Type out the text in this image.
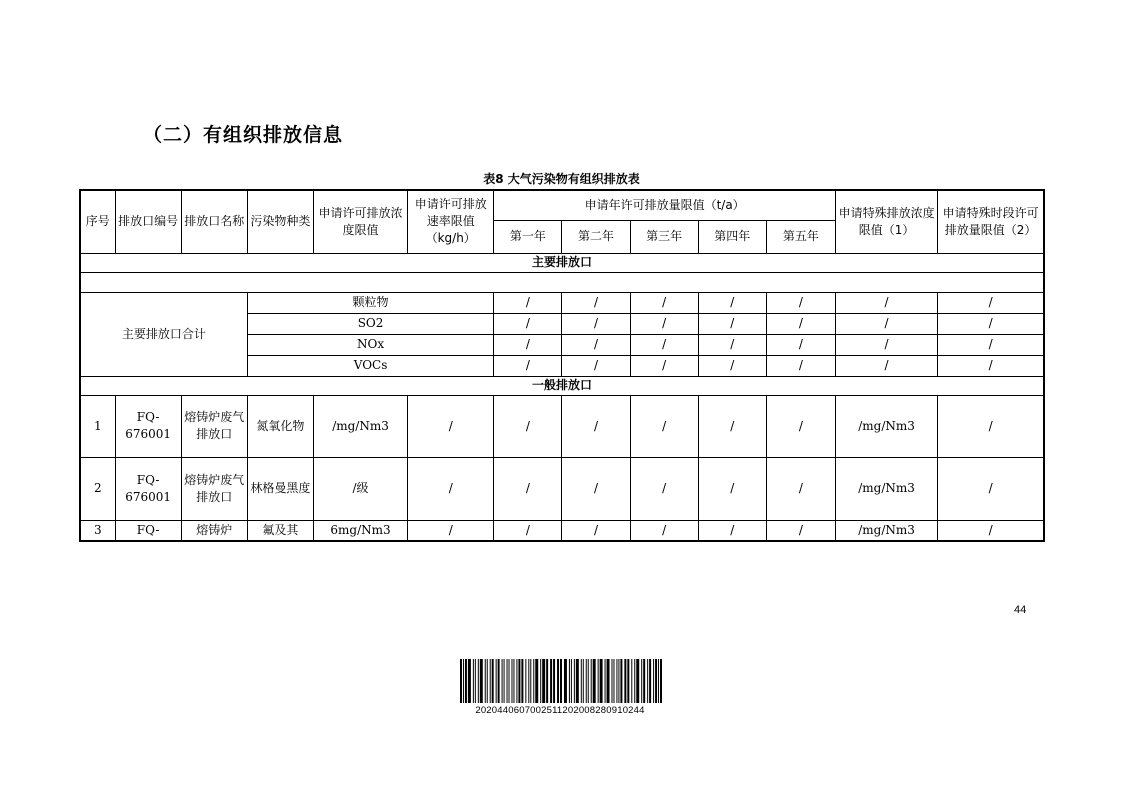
（二）有组织排放信息
表8 大气污染物有组织排放表
序号	排放口编号	排放口名称	污染物种类	申请许可排放浓度限值	申请许可排放速率限值（kg/h）	申请年许可排放量限值（t/a）					申请特殊排放浓度限值（1）	申请特殊时段许可排放量限值（2）
						第一年	第二年	第三年	第四年	第五年		
主要排放口												

主要排放口合计			颗粒物			/	/	/	/	/	/	/
			SO2			/	/	/	/	/	/	/
			NOx			/	/	/	/	/	/	/
			VOCs			/	/	/	/	/	/	/
一般排放口												
1	FQ-676001	熔铸炉废气排放口	氮氧化物	/mg/Nm3	/	/	/	/	/	/	/mg/Nm3	/
2	FQ-676001	熔铸炉废气排放口	林格曼黑度	/级	/	/	/	/	/	/	/mg/Nm3	/
3	FQ-	熔铸炉	氟及其	6mg/Nm3	/	/	/	/	/	/	/mg/Nm3	/
44
2020440607002511202008280910244
